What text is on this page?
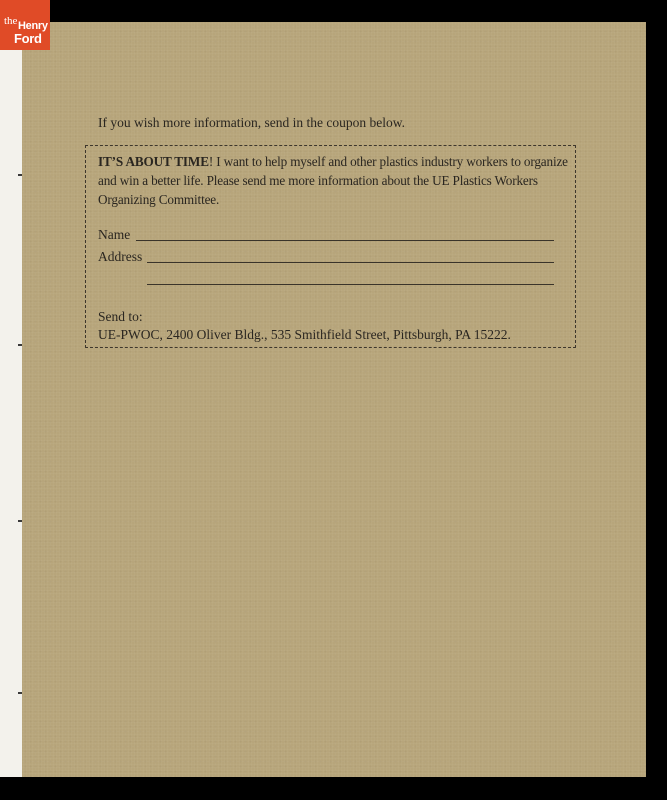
the Henry
Ford
If you wish more information, send in the coupon below.
IT’S ABOUT TIME! I want to help myself and other plastics industry workers to organize and win a better life. Please send me more information about the UE Plastics Workers Organizing Committee.
Name
Address
Send to:
UE-PWOC, 2400 Oliver Bldg., 535 Smithfield Street, Pittsburgh, PA 15222.
